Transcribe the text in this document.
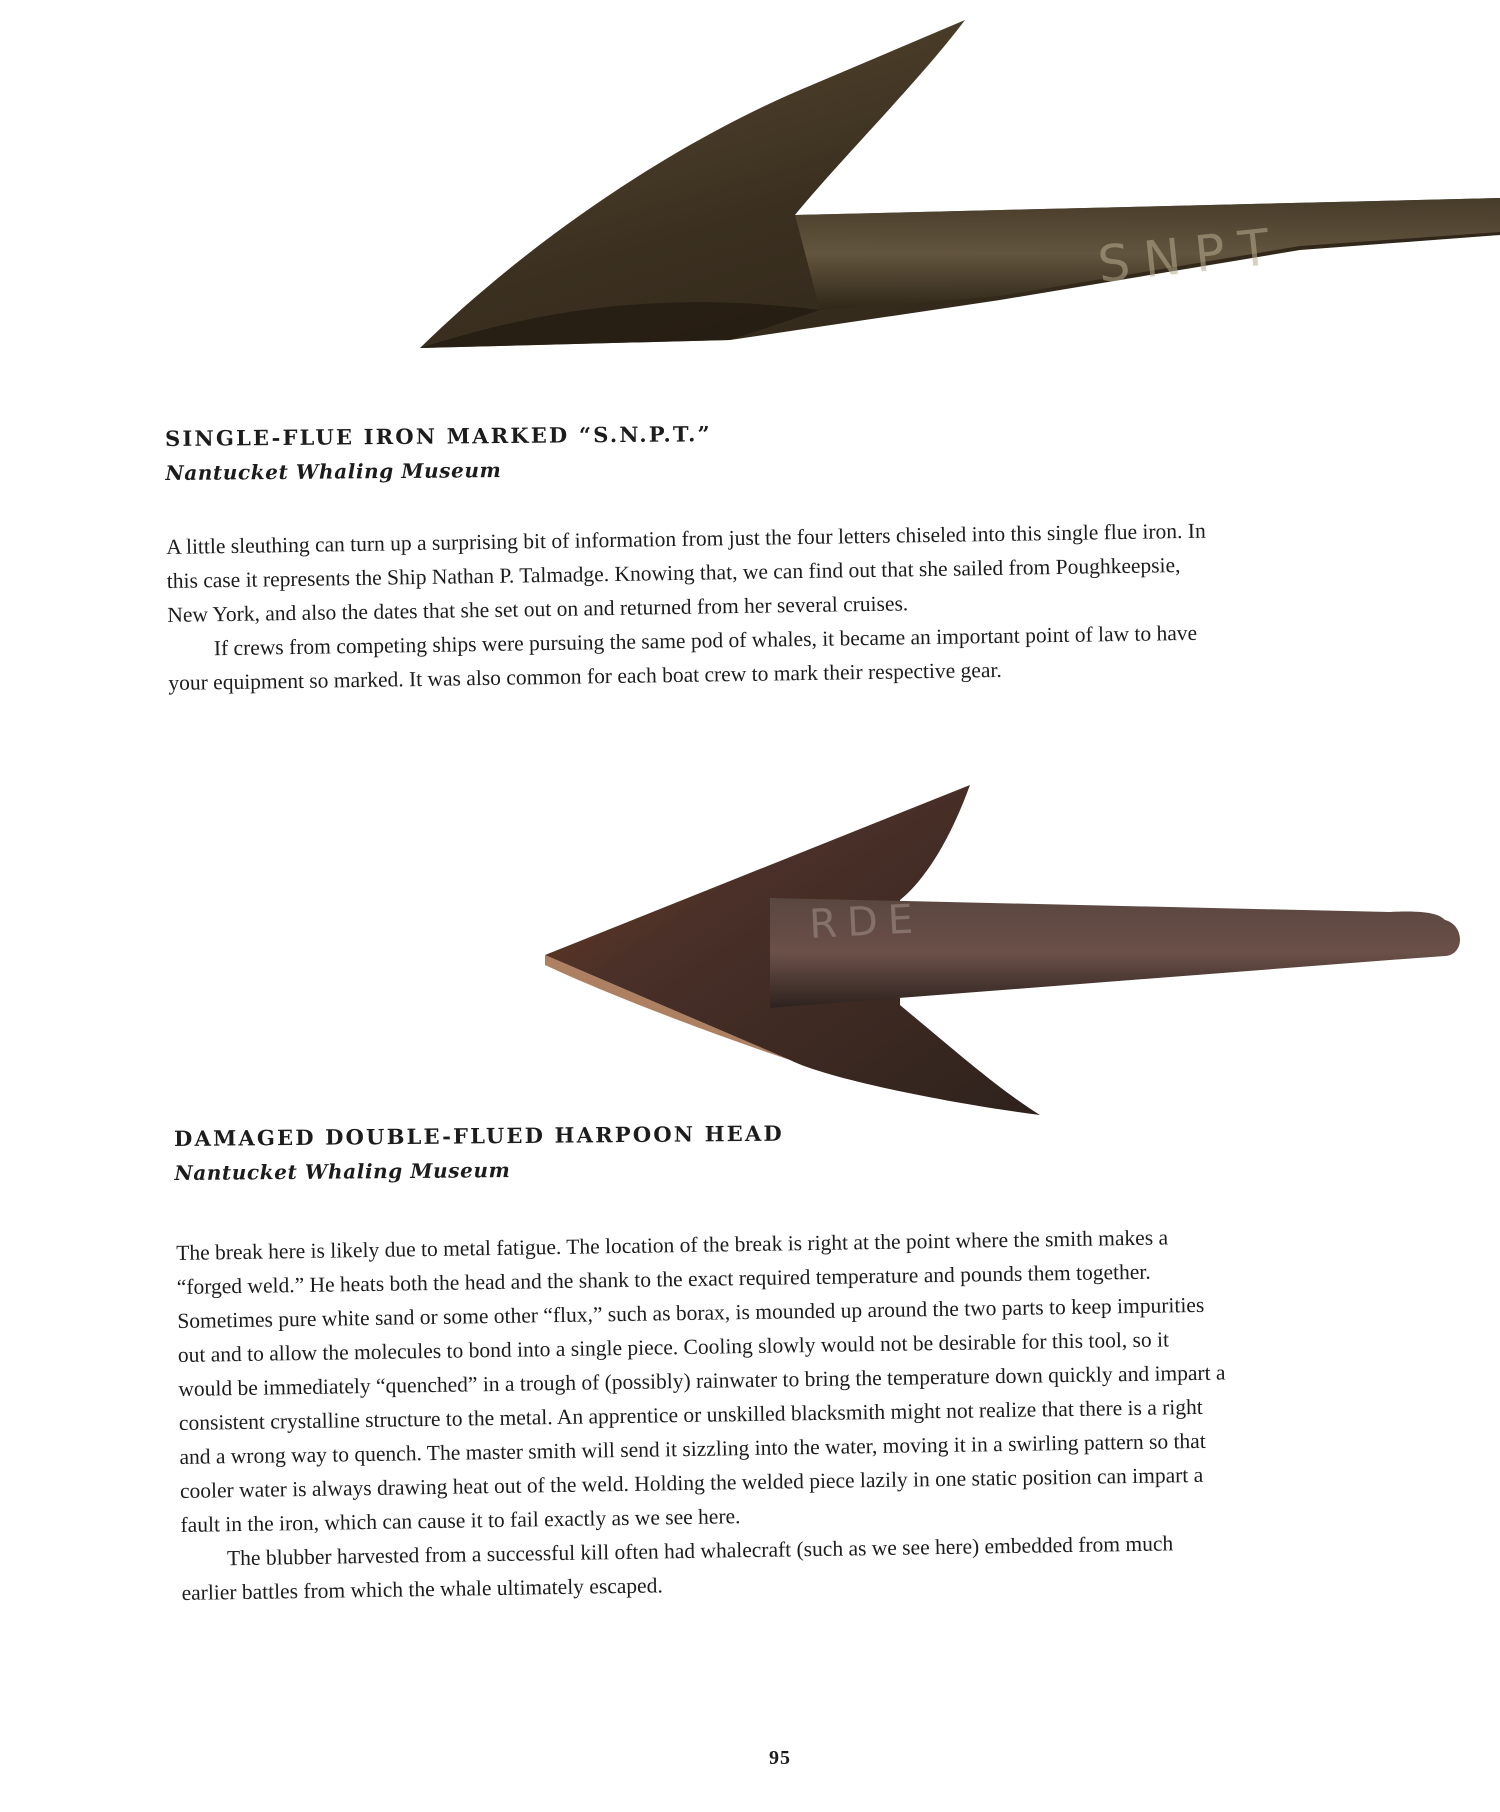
SNPT
SINGLE-FLUE IRON MARKED “S.N.P.T.”

Nantucket Whaling Museum

A little sleuthing can turn up a surprising bit of information from just the four letters chiseled into this single flue iron. In this case it represents the Ship Nathan P. Talmadge. Knowing that, we can find out that she sailed from Poughkeepsie, New York, and also the dates that she set out on and returned from her several cruises.

If crews from competing ships were pursuing the same pod of whales, it became an important point of law to have your equipment so marked. It was also common for each boat crew to mark their respective gear.

RDE
DAMAGED DOUBLE-FLUED HARPOON HEAD

Nantucket Whaling Museum

The break here is likely due to metal fatigue. The location of the break is right at the point where the smith makes a “forged weld.” He heats both the head and the shank to the exact required temperature and pounds them together. Sometimes pure white sand or some other “flux,” such as borax, is mounded up around the two parts to keep impurities out and to allow the molecules to bond into a single piece. Cooling slowly would not be desirable for this tool, so it would be immediately “quenched” in a trough of (possibly) rainwater to bring the temperature down quickly and impart a consistent crystalline structure to the metal. An apprentice or unskilled blacksmith might not realize that there is a right and a wrong way to quench. The master smith will send it sizzling into the water, moving it in a swirling pattern so that cooler water is always drawing heat out of the weld. Holding the welded piece lazily in one static position can impart a fault in the iron, which can cause it to fail exactly as we see here.

The blubber harvested from a successful kill often had whalecraft (such as we see here) embedded from much earlier battles from which the whale ultimately escaped.

95
